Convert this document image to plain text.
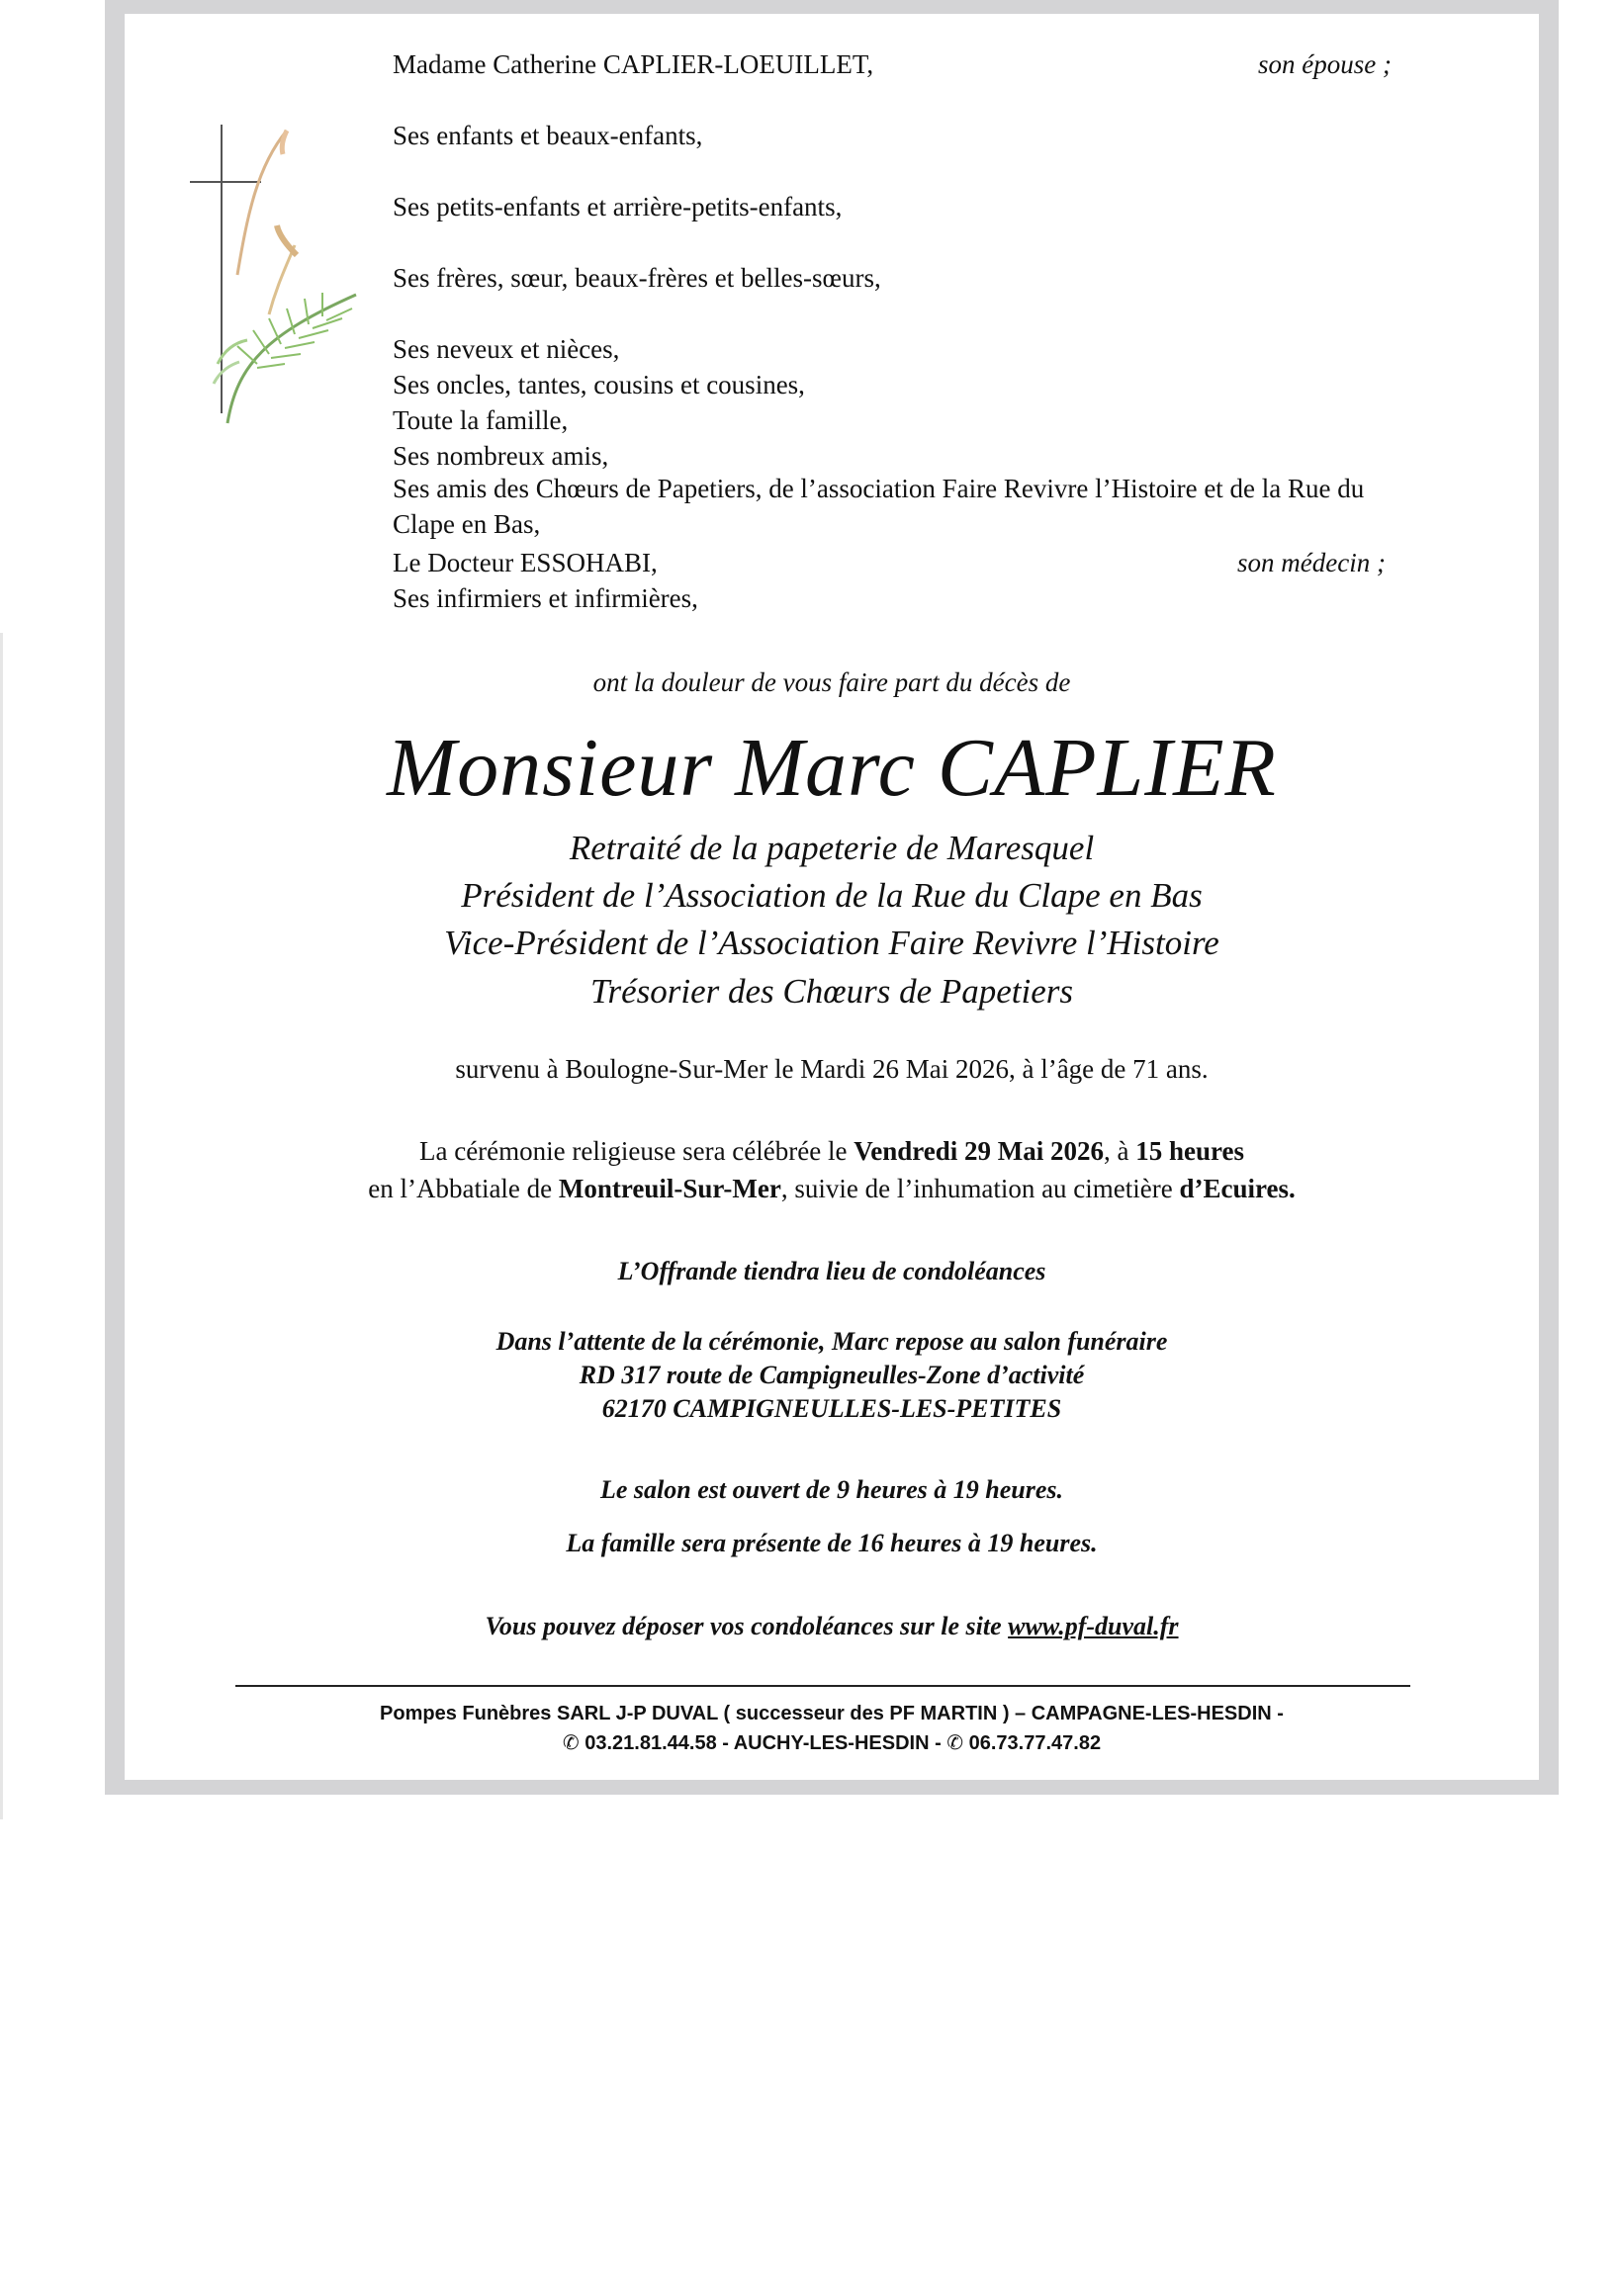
Madame Catherine CAPLIER-LOEUILLET,	son épouse ;
Ses enfants et beaux-enfants,
Ses petits-enfants et arrière-petits-enfants,
Ses frères, sœur, beaux-frères et belles-sœurs,
Ses neveux et nièces,
Ses oncles, tantes, cousins et cousines,
Toute la famille,
Ses nombreux amis,
Ses amis des Chœurs de Papetiers, de l’association Faire Revivre l’Histoire et de la Rue du Clape en Bas,
Le Docteur ESSOHABI,	son médecin ;
Ses infirmiers et infirmières,
ont la douleur de vous faire part du décès de
Monsieur Marc CAPLIER
Retraité de la papeterie de Maresquel
Président de l’Association de la Rue du Clape en Bas
Vice-Président de l’Association Faire Revivre l’Histoire
Trésorier des Chœurs de Papetiers
survenu à Boulogne-Sur-Mer le Mardi 26 Mai 2026, à l’âge de 71 ans.
La cérémonie religieuse sera célébrée le Vendredi 29 Mai 2026, à 15 heures
en l’Abbatiale de Montreuil-Sur-Mer, suivie de l’inhumation au cimetière d’Ecuires.
L’Offrande tiendra lieu de condoléances
Dans l’attente de la cérémonie, Marc repose au salon funéraire
RD 317 route de Campigneulles-Zone d’activité
62170 CAMPIGNEULLES-LES-PETITES
Le salon est ouvert de 9 heures à 19 heures.
La famille sera présente de 16 heures à 19 heures.
Vous pouvez déposer vos condoléances sur le site www.pf-duval.fr
Pompes Funèbres SARL J-P DUVAL ( successeur des PF MARTIN ) – CAMPAGNE-LES-HESDIN -
✆ 03.21.81.44.58 - AUCHY-LES-HESDIN - ✆ 06.73.77.47.82
